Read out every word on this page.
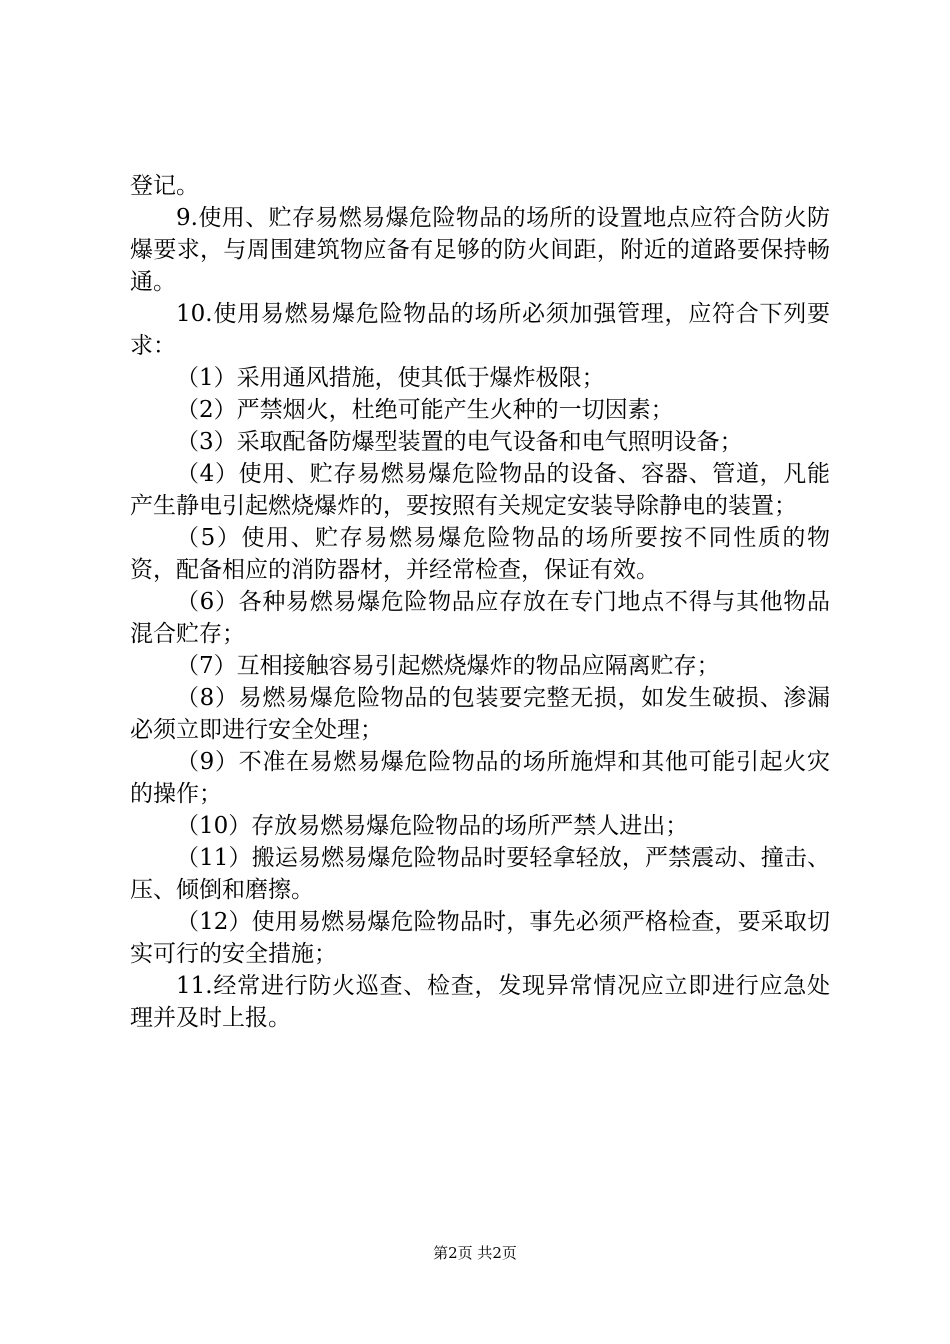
登记。

9.使用、贮存易燃易爆危险物品的场所的设置地点应符合防火防爆要求，与周围建筑物应备有足够的防火间距，附近的道路要保持畅通。

10.使用易燃易爆危险物品的场所必须加强管理，应符合下列要求：

（1）采用通风措施，使其低于爆炸极限；

（2）严禁烟火，杜绝可能产生火种的一切因素；

（3）采取配备防爆型装置的电气设备和电气照明设备；

（4）使用、贮存易燃易爆危险物品的设备、容器、管道，凡能产生静电引起燃烧爆炸的，要按照有关规定安装导除静电的装置；

（5）使用、贮存易燃易爆危险物品的场所要按不同性质的物资，配备相应的消防器材，并经常检查，保证有效。

（6）各种易燃易爆危险物品应存放在专门地点不得与其他物品混合贮存；

（7）互相接触容易引起燃烧爆炸的物品应隔离贮存；

（8）易燃易爆危险物品的包装要完整无损，如发生破损、渗漏必须立即进行安全处理；

（9）不准在易燃易爆危险物品的场所施焊和其他可能引起火灾的操作；

（10）存放易燃易爆危险物品的场所严禁人进出；

（11）搬运易燃易爆危险物品时要轻拿轻放，严禁震动、撞击、压、倾倒和磨擦。

（12）使用易燃易爆危险物品时，事先必须严格检查，要采取切实可行的安全措施；

11.经常进行防火巡查、检查，发现异常情况应立即进行应急处理并及时上报。

第2页 共2页
